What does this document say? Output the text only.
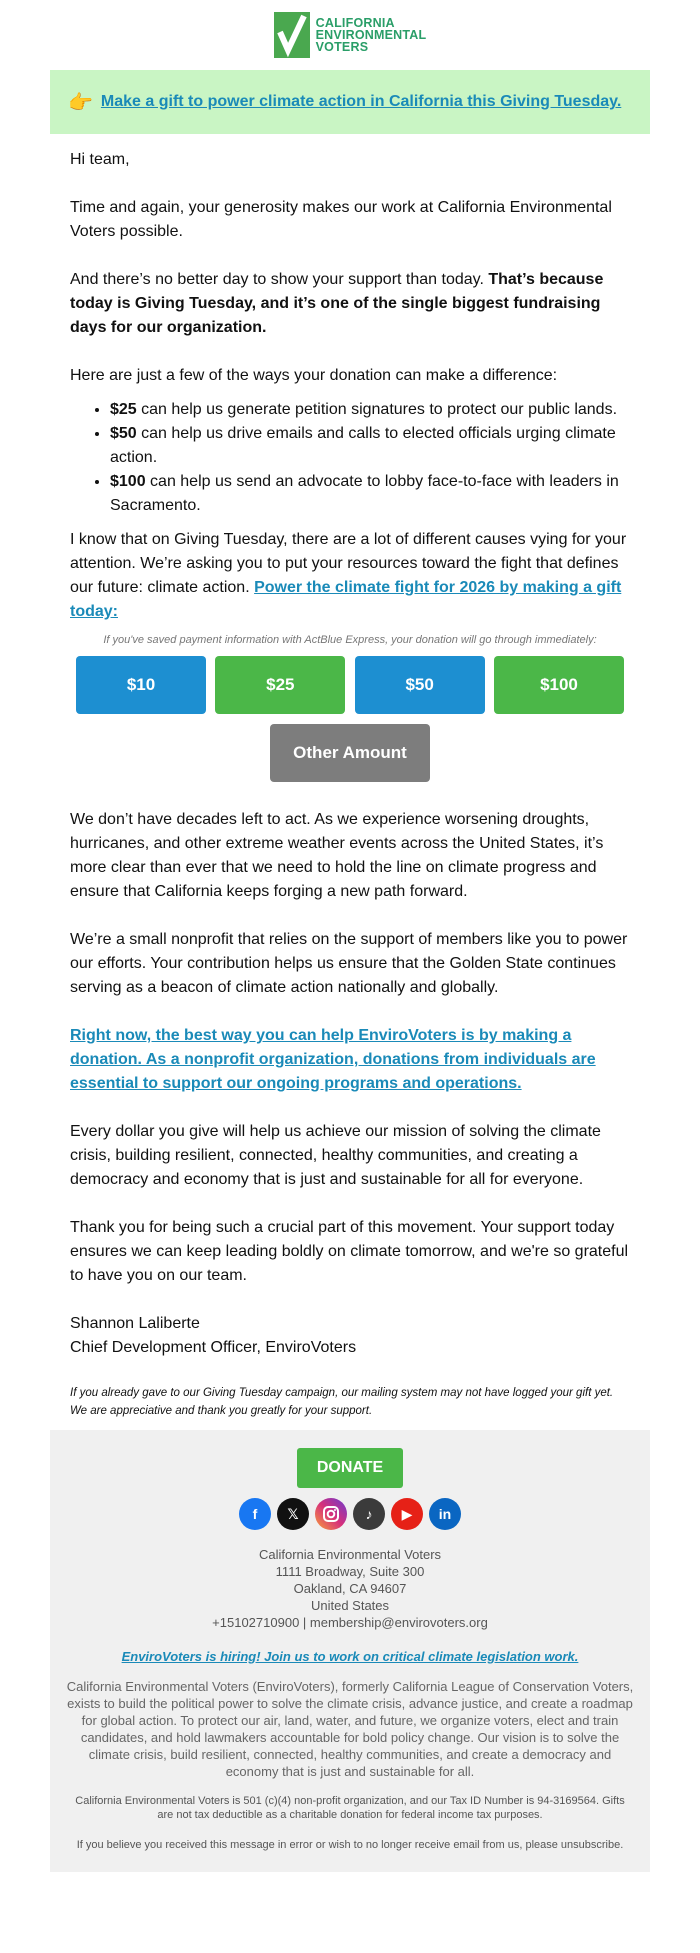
CALIFORNIA
ENVIRONMENTAL
VOTERS
👉 Make a gift to power climate action in California this Giving Tuesday.

Hi team,

Time and again, your generosity makes our work at California Environmental Voters possible.

And there’s no better day to show your support than today. That’s because today is Giving Tuesday, and it’s one of the single biggest fundraising days for our organization.

Here are just a few of the ways your donation can make a difference:

• $25 can help us generate petition signatures to protect our public lands.
• $50 can help us drive emails and calls to elected officials urging climate action.
• $100 can help us send an advocate to lobby face-to-face with leaders in Sacramento.

I know that on Giving Tuesday, there are a lot of different causes vying for your attention. We’re asking you to put your resources toward the fight that defines our future: climate action. Power the climate fight for 2026 by making a gift today:

If you've saved payment information with ActBlue Express, your donation will go through immediately:
$10	$25	$50	$100
Other Amount

We don’t have decades left to act. As we experience worsening droughts, hurricanes, and other extreme weather events across the United States, it’s more clear than ever that we need to hold the line on climate progress and ensure that California keeps forging a new path forward.

We’re a small nonprofit that relies on the support of members like you to power our efforts. Your contribution helps us ensure that the Golden State continues serving as a beacon of climate action nationally and globally.

Right now, the best way you can help EnviroVoters is by making a donation. As a nonprofit organization, donations from individuals are essential to support our ongoing programs and operations.

Every dollar you give will help us achieve our mission of solving the climate crisis, building resilient, connected, healthy communities, and creating a democracy and economy that is just and sustainable for all for everyone.

Thank you for being such a crucial part of this movement. Your support today ensures we can keep leading boldly on climate tomorrow, and we're so grateful to have you on our team.

Shannon Laliberte
Chief Development Officer, EnviroVoters
If you already gave to our Giving Tuesday campaign, our mailing system may not have logged your gift yet. We are appreciative and thank you greatly for your support.
DONATE
f	𝕏	♪	▶	in
California Environmental Voters
1111 Broadway, Suite 300
Oakland, CA 94607
United States
+15102710900 | membership@envirovoters.org
EnviroVoters is hiring! Join us to work on critical climate legislation work.
California Environmental Voters (EnviroVoters), formerly California League of Conservation Voters, exists to build the political power to solve the climate crisis, advance justice, and create a roadmap for global action. To protect our air, land, water, and future, we organize voters, elect and train candidates, and hold lawmakers accountable for bold policy change. Our vision is to solve the climate crisis, build resilient, connected, healthy communities, and create a democracy and economy that is just and sustainable for all.
California Environmental Voters is 501 (c)(4) non-profit organization, and our Tax ID Number is 94-3169564. Gifts are not tax deductible as a charitable donation for federal income tax purposes.
If you believe you received this message in error or wish to no longer receive email from us, please unsubscribe.
